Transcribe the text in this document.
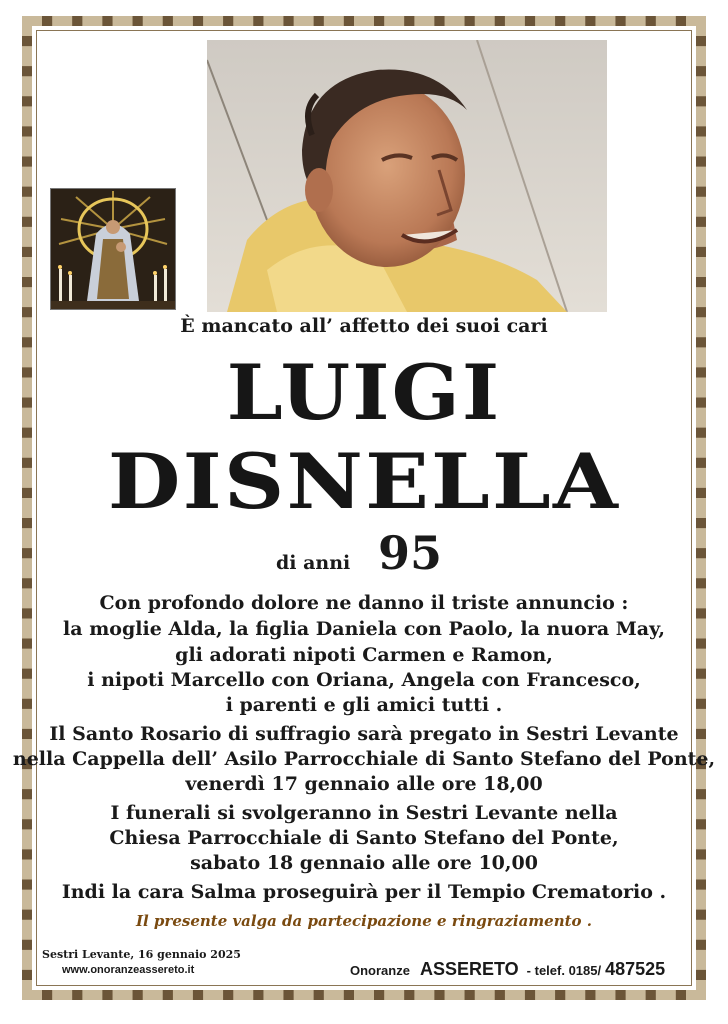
È mancato all’ affetto dei suoi cari
LUIGI
DISNELLA
di anni 95
Con profondo dolore ne danno il triste annuncio :
la moglie Alda, la figlia Daniela con Paolo, la nuora May,
gli adorati nipoti Carmen e Ramon,
i nipoti Marcello con Oriana, Angela con Francesco,
i parenti e gli amici tutti .
Il Santo Rosario di suffragio sarà pregato in Sestri Levante
nella Cappella dell’ Asilo Parrocchiale di Santo Stefano del Ponte,
venerdì 17 gennaio alle ore 18,00
I funerali si svolgeranno in Sestri Levante nella
Chiesa Parrocchiale di Santo Stefano del Ponte,
sabato 18 gennaio alle ore 10,00
Indi la cara Salma proseguirà per il Tempio Crematorio .
Il presente valga da partecipazione e ringraziamento .
Sestri Levante, 16 gennaio 2025
www.onoranzeassereto.it	Onoranze ASSERETO - telef. 0185/ 487525
